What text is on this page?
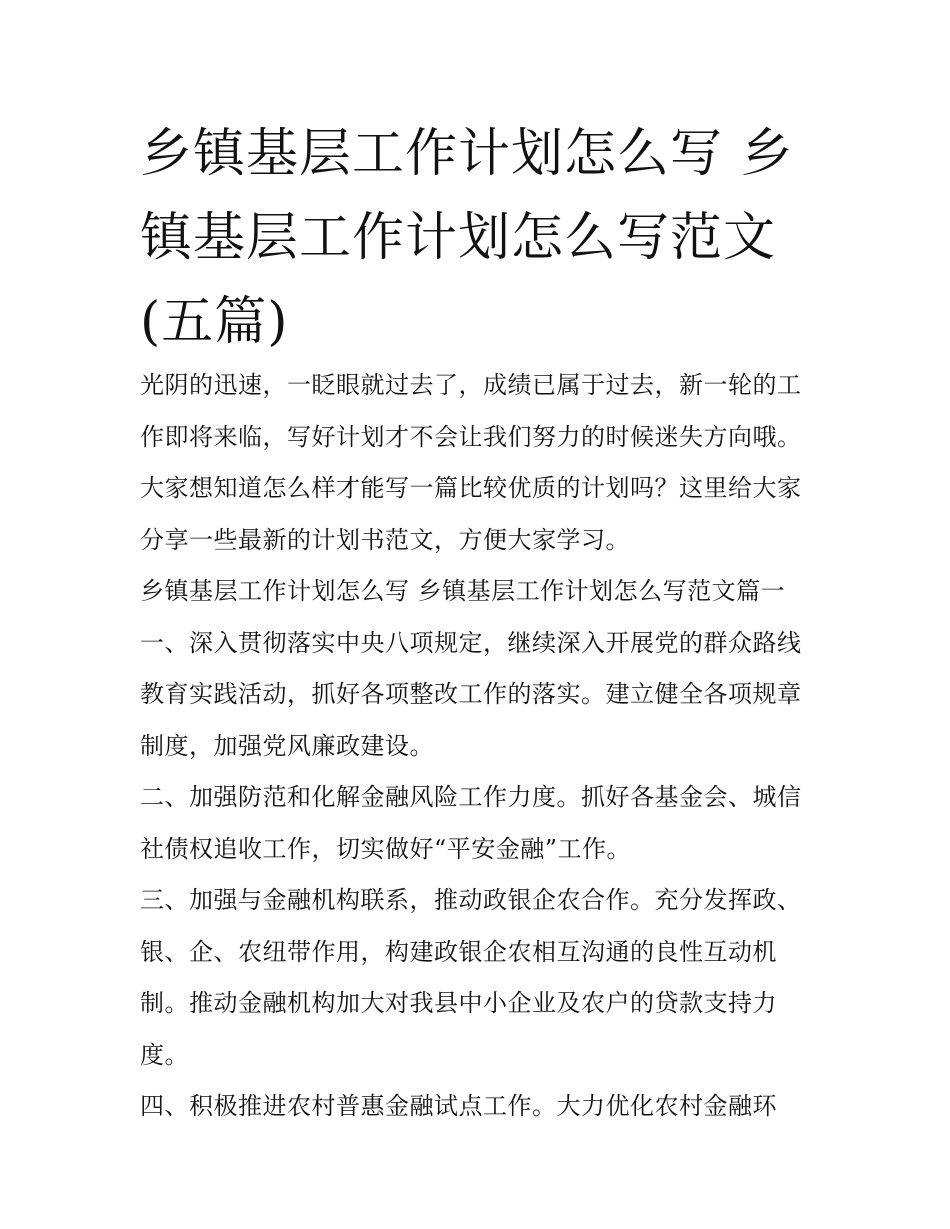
乡镇基层工作计划怎么写 乡镇基层工作计划怎么写范文(五篇)

光阴的迅速，一眨眼就过去了，成绩已属于过去，新一轮的工作即将来临，写好计划才不会让我们努力的时候迷失方向哦。大家想知道怎么样才能写一篇比较优质的计划吗？这里给大家分享一些最新的计划书范文，方便大家学习。

乡镇基层工作计划怎么写 乡镇基层工作计划怎么写范文篇一

一、深入贯彻落实中央八项规定，继续深入开展党的群众路线教育实践活动，抓好各项整改工作的落实。建立健全各项规章制度，加强党风廉政建设。

二、加强防范和化解金融风险工作力度。抓好各基金会、城信社债权追收工作，切实做好“平安金融”工作。

三、加强与金融机构联系，推动政银企农合作。充分发挥政、银、企、农纽带作用，构建政银企农相互沟通的良性互动机制。推动金融机构加大对我县中小企业及农户的贷款支持力度。

四、积极推进农村普惠金融试点工作。大力优化农村金融环
